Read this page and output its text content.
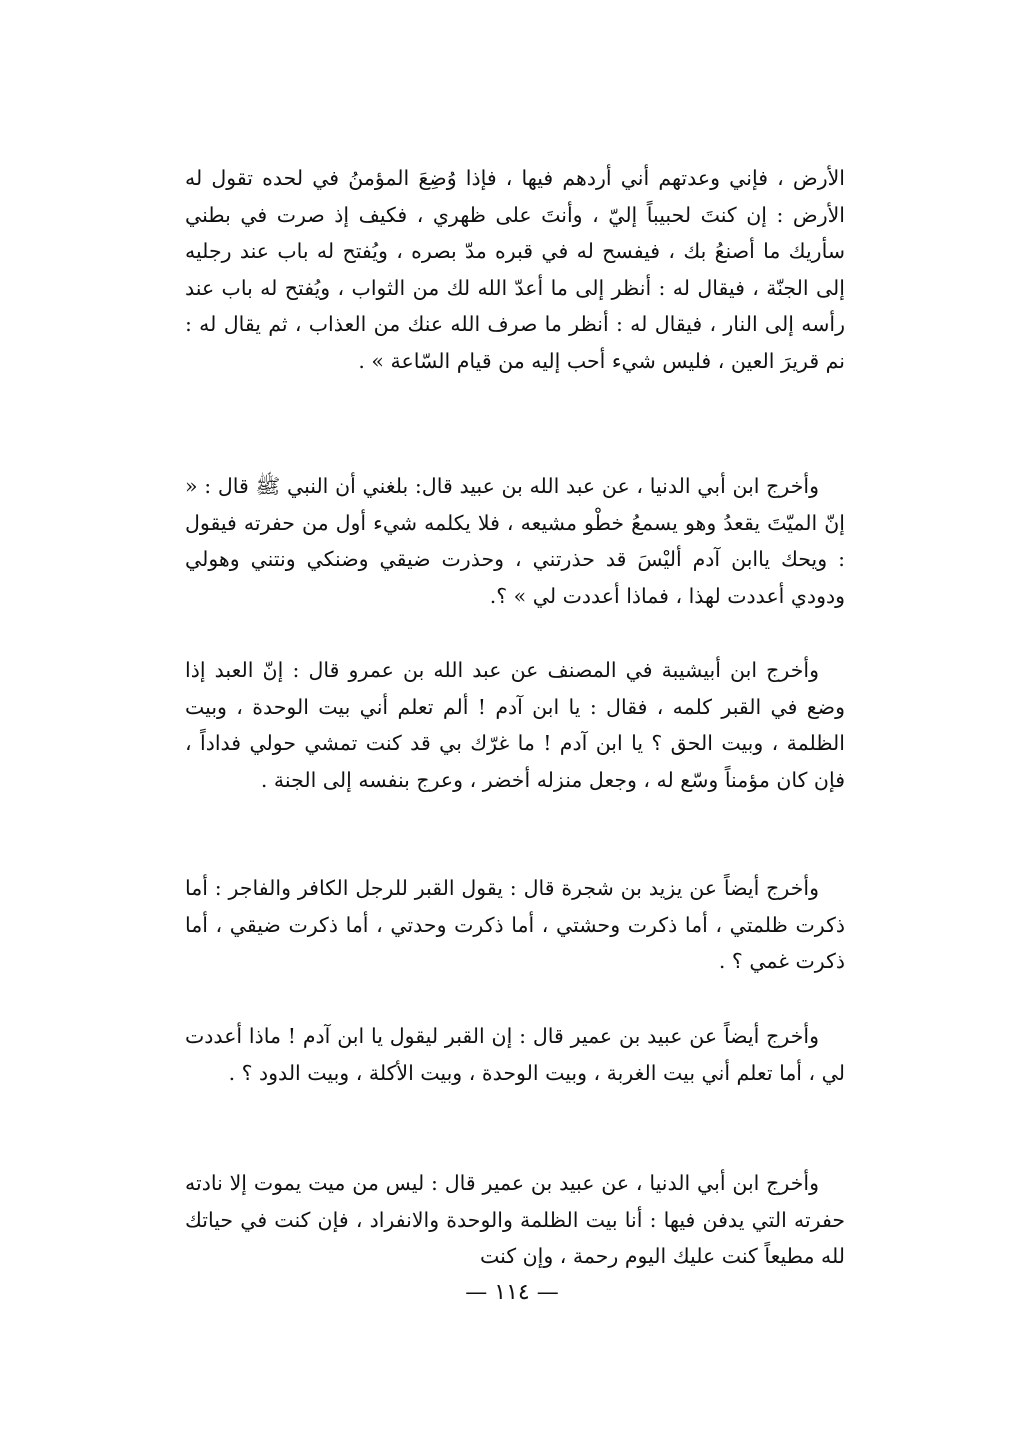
الأرض ، فإني وعدتهم أني أردهم فيها ، فإذا وُضِعَ المؤمنُ في لحده تقول له الأرض : إن كنتَ لحبيباً إليّ ، وأنتَ على ظهري ، فكيف إذ صرت في بطني سأريك ما أصنعُ بك ، فيفسح له في قبره مدّ بصره ، ويُفتح له باب عند رجليه إلى الجنّة ، فيقال له : أنظر إلى ما أعدّ الله لك من الثواب ، ويُفتح له باب عند رأسه إلى النار ، فيقال له : أنظر ما صرف الله عنك من العذاب ، ثم يقال له : نم قريرَ العين ، فليس شيء أحب إليه من قيام السّاعة » .

وأخرج ابن أبي الدنيا ، عن عبد الله بن عبيد قال: بلغني أن النبي ﷺ قال : « إنّ الميّتَ يقعدُ وهو يسمعُ خطْو مشيعه ، فلا يكلمه شيء أول من حفرته فيقول : ويحك ياابن آدم أليْسَ قد حذرتني ، وحذرت ضيقي وضنكي ونتني وهولي ودودي أعددت لهذا ، فماذا أعددت لي » ؟.

وأخرج ابن أبيشيبة في المصنف عن عبد الله بن عمرو قال : إنّ العبد إذا وضع في القبر كلمه ، فقال : يا ابن آدم ! ألم تعلم أني بيت الوحدة ، وبيت الظلمة ، وبيت الحق ؟ يا ابن آدم ! ما غرّك بي قد كنت تمشي حولي فداداً ، فإن كان مؤمناً وسّع له ، وجعل منزله أخضر ، وعرج بنفسه إلى الجنة .

وأخرج أيضاً عن يزيد بن شجرة قال : يقول القبر للرجل الكافر والفاجر : أما ذكرت ظلمتي ، أما ذكرت وحشتي ، أما ذكرت وحدتي ، أما ذكرت ضيقي ، أما ذكرت غمي ؟ .

وأخرج أيضاً عن عبيد بن عمير قال : إن القبر ليقول يا ابن آدم ! ماذا أعددت لي ، أما تعلم أني بيت الغربة ، وبيت الوحدة ، وبيت الأكلة ، وبيت الدود ؟ .

وأخرج ابن أبي الدنيا ، عن عبيد بن عمير قال : ليس من ميت يموت إلا نادته حفرته التي يدفن فيها : أنا بيت الظلمة والوحدة والانفراد ، فإن كنت في حياتك لله مطيعاً كنت عليك اليوم رحمة ، وإن كنت

— ١١٤ —
